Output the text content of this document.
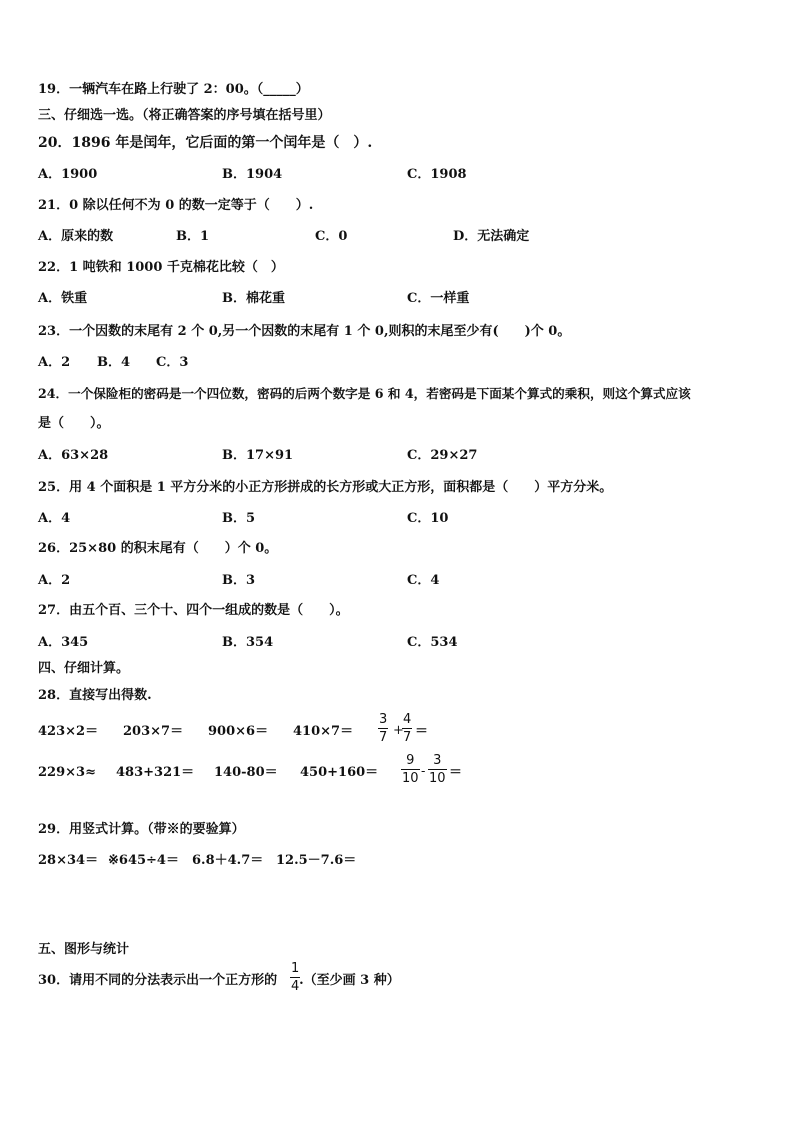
19．一辆汽车在路上行驶了 2：00。（_____）
三、仔细选一选。（将正确答案的序号填在括号里）
20．1896 年是闰年，它后面的第一个闰年是（　）.
A．1900	B．1904	C．1908
21．0 除以任何不为 0 的数一定等于（　　）.
A．原来的数	B．1	C．0	D．无法确定
22．1 吨铁和 1000 千克棉花比较（　）
A．铁重	B．棉花重	C．一样重
23．一个因数的末尾有 2 个 0,另一个因数的末尾有 1 个 0,则积的末尾至少有(　　)个 0。
A．2 B．4 C．3
24．一个保险柜的密码是一个四位数，密码的后两个数字是 6 和 4，若密码是下面某个算式的乘积，则这个算式应该
是（　　）。
A．63×28	B．17×91	C．29×27
25．用 4 个面积是 1 平方分米的小正方形拼成的长方形或大正方形，面积都是（　　）平方分米。
A．4	B．5	C．10
26．25×80 的积末尾有（　　）个 0。
A．2	B．3	C．4
27．由五个百、三个十、四个一组成的数是（　　）。
A．345	B．354	C．534
四、仔细计算。
28．直接写出得数.
423×2＝ 203×7＝ 900×6＝ 410×7＝
3
7 +
4
7 ＝
229×3≈ 483+321＝ 140-80＝ 450+160＝
9
10 -
3
10 ＝
29．用竖式计算。（带※的要验算）
28×34＝ ※645÷4＝ 6.8＋4.7＝ 12.5－7.6＝
五、图形与统计
30．请用不同的分法表示出一个正方形的 .（至少画 3 种）
1
4
